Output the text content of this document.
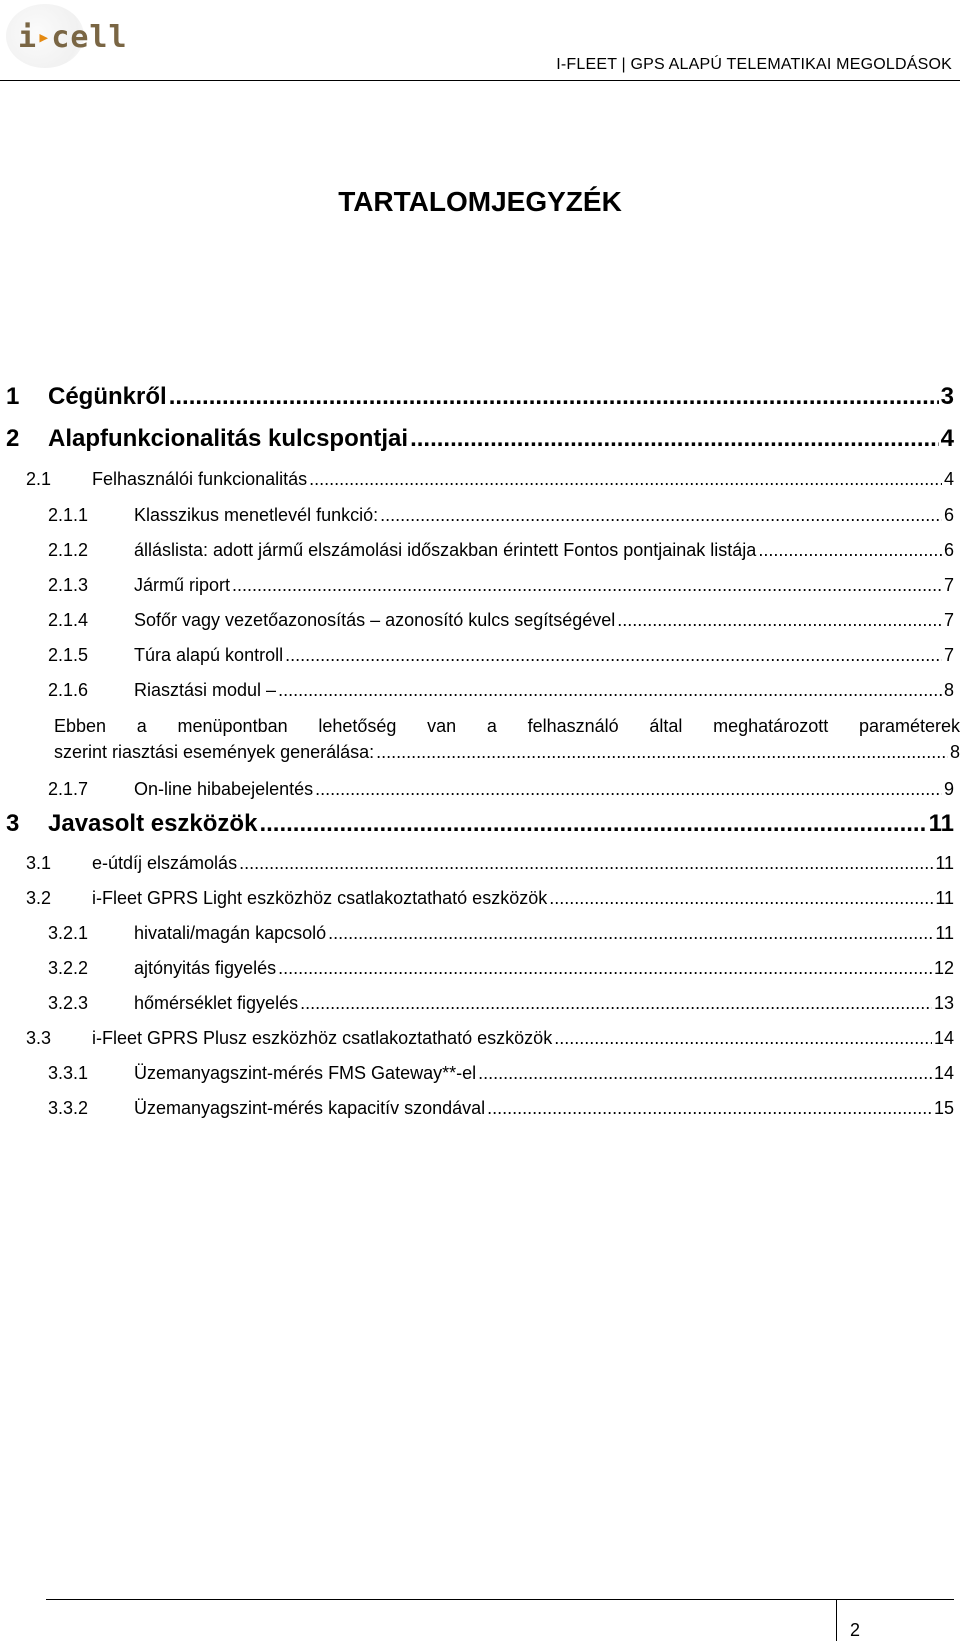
i▸cell
I-FLEET | GPS ALAPÚ TELEMATIKAI MEGOLDÁSOK
TARTALOMJEGYZÉK
1	Cégünkről .....	3
2	Alapfunkcionalitás kulcspontjai .....	4
2.1	Felhasználói funkcionalitás .....	4
2.1.1	Klasszikus menetlevél funkció: .....	6
2.1.2	álláslista: adott jármű elszámolási időszakban érintett Fontos pontjainak listája .....	6
2.1.3	Jármű riport .....	7
2.1.4	Sofőr vagy vezetőazonosítás – azonosító kulcs segítségével .....	7
2.1.5	Túra alapú kontroll .....	7
2.1.6	Riasztási modul – .....	8
Ebben a menüpontban lehetőség van a felhasználó által meghatározott paraméterek
szerint riasztási események generálása: .....	8
2.1.7	On-line hibabejelentés .....	9
3	Javasolt eszközök .....	11
3.1	e-útdíj elszámolás .....	11
3.2	i-Fleet GPRS Light eszközhöz csatlakoztatható eszközök .....	11
3.2.1	hivatali/magán kapcsoló .....	11
3.2.2	ajtónyitás figyelés .....	12
3.2.3	hőmérséklet figyelés .....	13
3.3	i-Fleet GPRS Plusz eszközhöz csatlakoztatható eszközök .....	14
3.3.1	Üzemanyagszint-mérés FMS Gateway**-el .....	14
3.3.2	Üzemanyagszint-mérés kapacitív szondával .....	15
2
